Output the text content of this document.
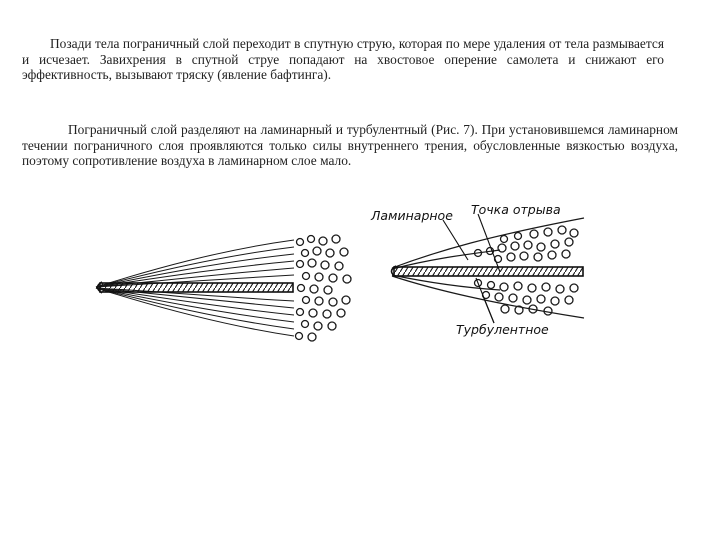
Позади тела пограничный слой переходит в спутную струю, которая по мере удаления от тела размывается и исчезает. Завихрения в спутной струе попадают на хвостовое оперение самолета и снижают его эффективность, вызывают тряску (явление бафтинга).

Пограничный слой разделяют на ламинарный и турбулентный (Рис. 7). При установившемся ламинарном течении пограничного слоя проявляются только силы внутреннего трения, обусловленные вязкостью воздуха, поэтому сопротивление воздуха в ламинарном слое мало.

Ламинарное Точка отрыва
Турбулентное
